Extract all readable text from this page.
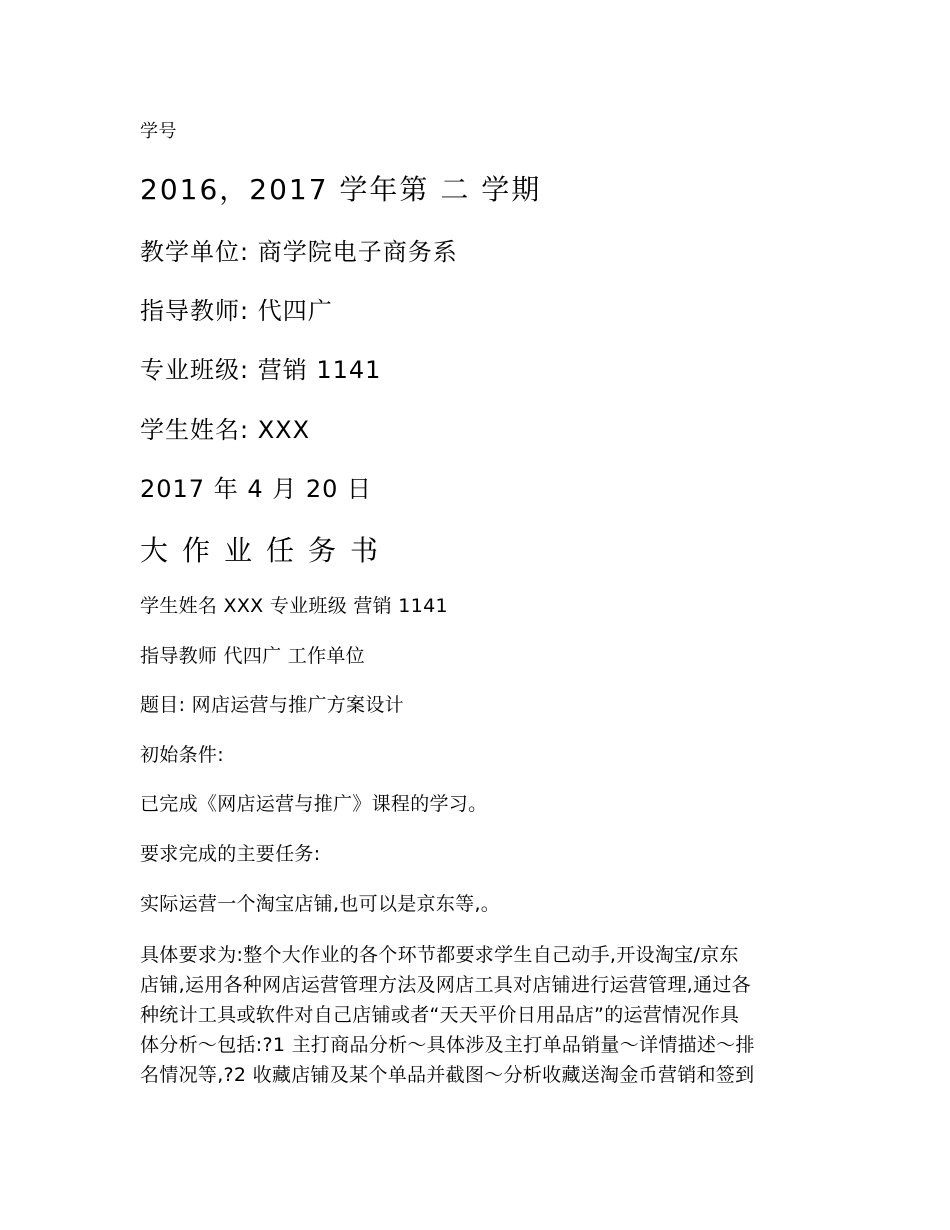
学号
2016，2017 学年第 二 学期
教学单位: 商学院电子商务系
指导教师: 代四广
专业班级: 营销 1141
学生姓名: XXX
2017 年 4 月 20 日
大作业任务书
学生姓名 XXX 专业班级 营销 1141
指导教师 代四广 工作单位
题目: 网店运营与推广方案设计
初始条件:
已完成《网店运营与推广》课程的学习。
要求完成的主要任务:
实际运营一个淘宝店铺,也可以是京东等,。
具体要求为:整个大作业的各个环节都要求学生自己动手,开设淘宝/京东
店铺,运用各种网店运营管理方法及网店工具对店铺进行运营管理,通过各
种统计工具或软件对自己店铺或者“天天平价日用品店”的运营情况作具
体分析～包括:?1 主打商品分析～具体涉及主打单品销量～详情描述～排
名情况等,?2 收藏店铺及某个单品并截图～分析收藏送淘金币营销和签到
